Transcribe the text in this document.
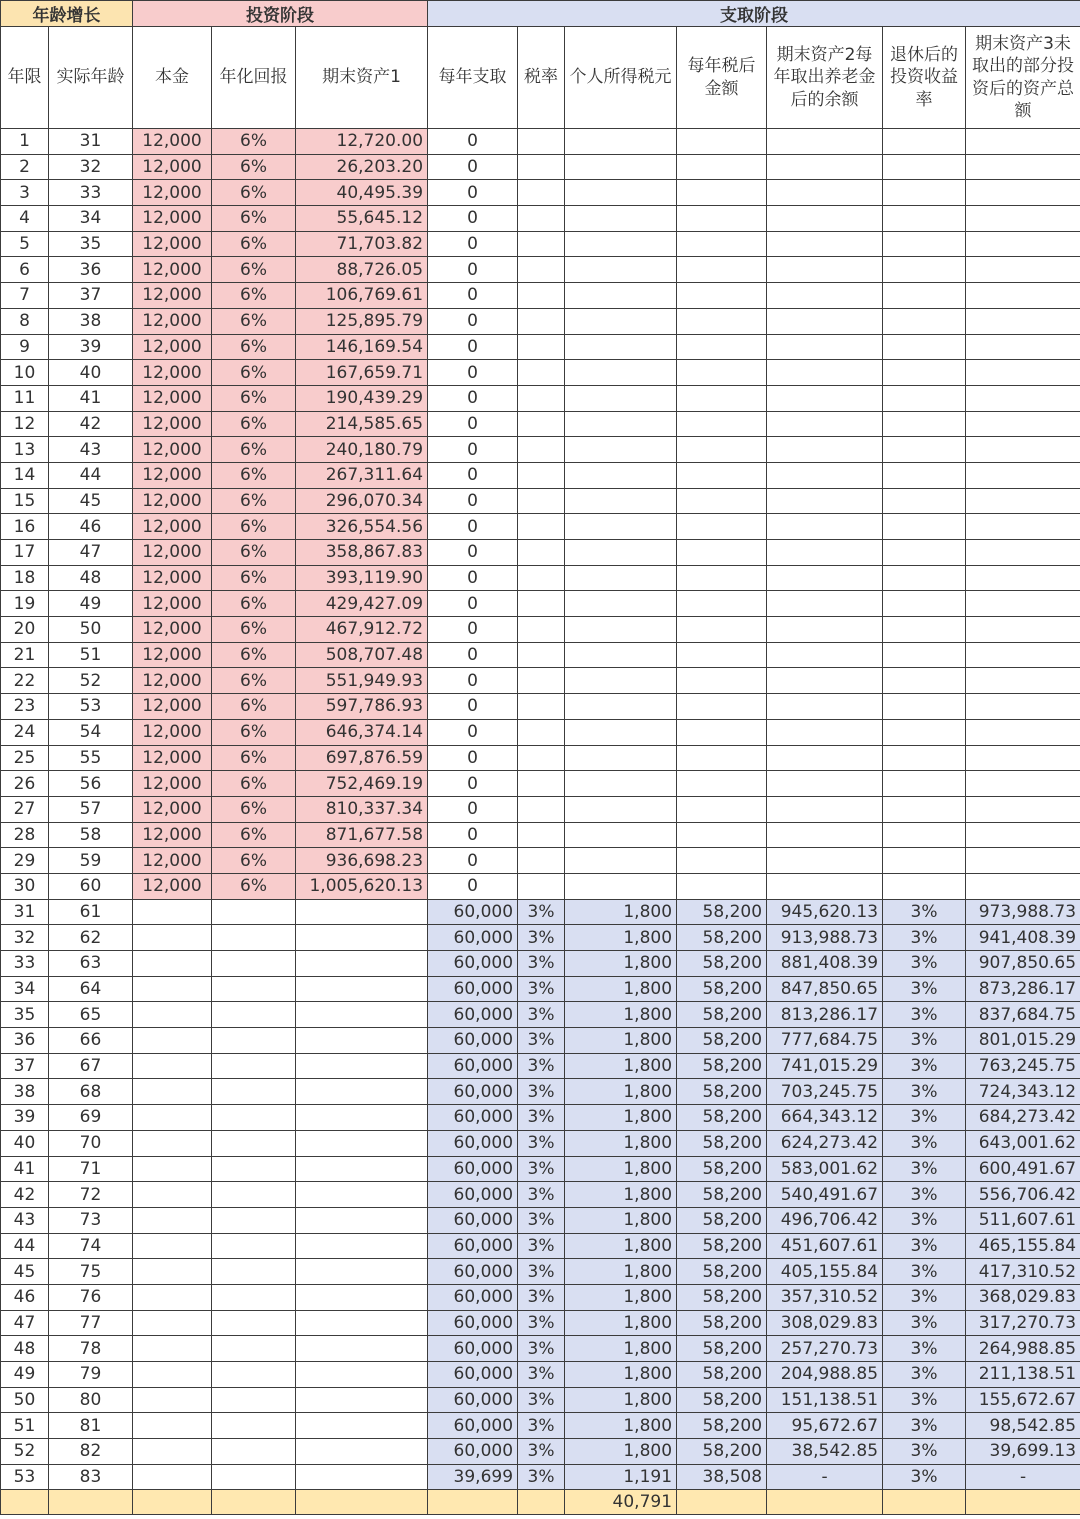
年龄增长		投资阶段			支取阶段						
年限	实际年龄	本金	年化回报	期末资产1	每年支取	税率	个人所得税元	每年税后金额	期末资产2每年取出养老金后的余额	退休后的投资收益率	期末资产3未取出的部分投资后的资产总额
1	31	12,000	6%	12,720.00	0						
2	32	12,000	6%	26,203.20	0						
3	33	12,000	6%	40,495.39	0						
4	34	12,000	6%	55,645.12	0						
5	35	12,000	6%	71,703.82	0						
6	36	12,000	6%	88,726.05	0						
7	37	12,000	6%	106,769.61	0						
8	38	12,000	6%	125,895.79	0						
9	39	12,000	6%	146,169.54	0						
10	40	12,000	6%	167,659.71	0						
11	41	12,000	6%	190,439.29	0						
12	42	12,000	6%	214,585.65	0						
13	43	12,000	6%	240,180.79	0						
14	44	12,000	6%	267,311.64	0						
15	45	12,000	6%	296,070.34	0						
16	46	12,000	6%	326,554.56	0						
17	47	12,000	6%	358,867.83	0						
18	48	12,000	6%	393,119.90	0						
19	49	12,000	6%	429,427.09	0						
20	50	12,000	6%	467,912.72	0						
21	51	12,000	6%	508,707.48	0						
22	52	12,000	6%	551,949.93	0						
23	53	12,000	6%	597,786.93	0						
24	54	12,000	6%	646,374.14	0						
25	55	12,000	6%	697,876.59	0						
26	56	12,000	6%	752,469.19	0						
27	57	12,000	6%	810,337.34	0						
28	58	12,000	6%	871,677.58	0						
29	59	12,000	6%	936,698.23	0						
30	60	12,000	6%	1,005,620.13	0						
31	61				60,000	3%	1,800	58,200	945,620.13	3%	973,988.73
32	62				60,000	3%	1,800	58,200	913,988.73	3%	941,408.39
33	63				60,000	3%	1,800	58,200	881,408.39	3%	907,850.65
34	64				60,000	3%	1,800	58,200	847,850.65	3%	873,286.17
35	65				60,000	3%	1,800	58,200	813,286.17	3%	837,684.75
36	66				60,000	3%	1,800	58,200	777,684.75	3%	801,015.29
37	67				60,000	3%	1,800	58,200	741,015.29	3%	763,245.75
38	68				60,000	3%	1,800	58,200	703,245.75	3%	724,343.12
39	69				60,000	3%	1,800	58,200	664,343.12	3%	684,273.42
40	70				60,000	3%	1,800	58,200	624,273.42	3%	643,001.62
41	71				60,000	3%	1,800	58,200	583,001.62	3%	600,491.67
42	72				60,000	3%	1,800	58,200	540,491.67	3%	556,706.42
43	73				60,000	3%	1,800	58,200	496,706.42	3%	511,607.61
44	74				60,000	3%	1,800	58,200	451,607.61	3%	465,155.84
45	75				60,000	3%	1,800	58,200	405,155.84	3%	417,310.52
46	76				60,000	3%	1,800	58,200	357,310.52	3%	368,029.83
47	77				60,000	3%	1,800	58,200	308,029.83	3%	317,270.73
48	78				60,000	3%	1,800	58,200	257,270.73	3%	264,988.85
49	79				60,000	3%	1,800	58,200	204,988.85	3%	211,138.51
50	80				60,000	3%	1,800	58,200	151,138.51	3%	155,672.67
51	81				60,000	3%	1,800	58,200	95,672.67	3%	98,542.85
52	82				60,000	3%	1,800	58,200	38,542.85	3%	39,699.13
53	83				39,699	3%	1,191	38,508	-	3%	-
							40,791				
